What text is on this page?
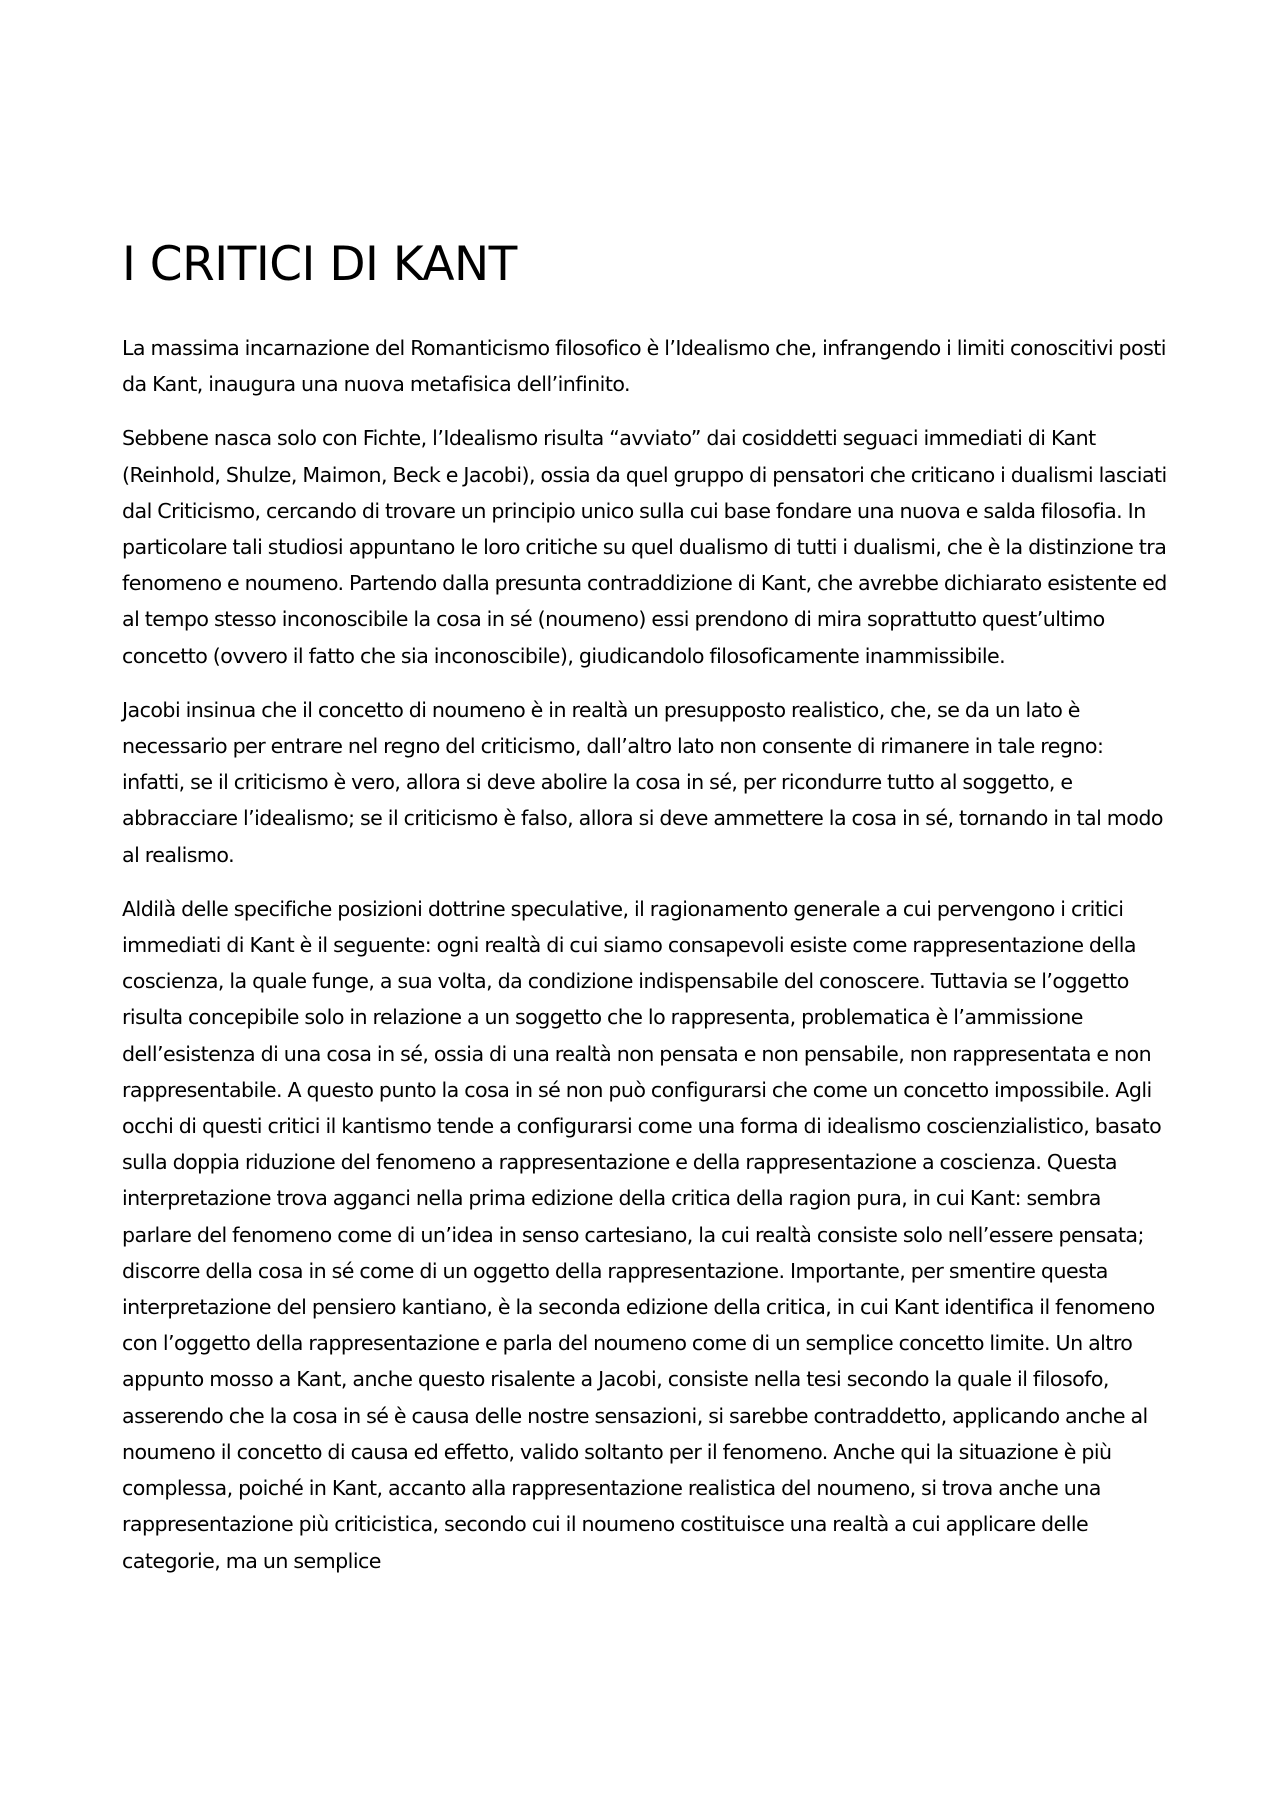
I CRITICI DI KANT

La massima incarnazione del Romanticismo filosofico è l’Idealismo che, infrangendo i limiti conoscitivi posti da Kant, inaugura una nuova metafisica dell’infinito.

Sebbene nasca solo con Fichte, l’Idealismo risulta “avviato” dai cosiddetti seguaci immediati di Kant (Reinhold, Shulze, Maimon, Beck e Jacobi), ossia da quel gruppo di pensatori che criticano i dualismi lasciati dal Criticismo, cercando di trovare un principio unico sulla cui base fondare una nuova e salda filosofia. In particolare tali studiosi appuntano le loro critiche su quel dualismo di tutti i dualismi, che è la distinzione tra fenomeno e noumeno. Partendo dalla presunta contraddizione di Kant, che avrebbe dichiarato esistente ed al tempo stesso inconoscibile la cosa in sé (noumeno) essi prendono di mira soprattutto quest’ultimo concetto (ovvero il fatto che sia inconoscibile), giudicandolo filosoficamente inammissibile.

Jacobi insinua che il concetto di noumeno è in realtà un presupposto realistico, che, se da un lato è necessario per entrare nel regno del criticismo, dall’altro lato non consente di rimanere in tale regno: infatti, se il criticismo è vero, allora si deve abolire la cosa in sé, per ricondurre tutto al soggetto, e abbracciare l’idealismo; se il criticismo è falso, allora si deve ammettere la cosa in sé, tornando in tal modo al realismo.

Aldilà delle specifiche posizioni dottrine speculative, il ragionamento generale a cui pervengono i critici immediati di Kant è il seguente: ogni realtà di cui siamo consapevoli esiste come rappresentazione della coscienza, la quale funge, a sua volta, da condizione indispensabile del conoscere. Tuttavia se l’oggetto risulta concepibile solo in relazione a un soggetto che lo rappresenta, problematica è l’ammissione dell’esistenza di una cosa in sé, ossia di una realtà non pensata e non pensabile, non rappresentata e non rappresentabile. A questo punto la cosa in sé non può configurarsi che come un concetto impossibile. Agli occhi di questi critici il kantismo tende a configurarsi come una forma di idealismo coscienzialistico, basato sulla doppia riduzione del fenomeno a rappresentazione e della rappresentazione a coscienza. Questa interpretazione trova agganci nella prima edizione della critica della ragion pura, in cui Kant: sembra parlare del fenomeno come di un’idea in senso cartesiano, la cui realtà consiste solo nell’essere pensata; discorre della cosa in sé come di un oggetto della rappresentazione. Importante, per smentire questa interpretazione del pensiero kantiano, è la seconda edizione della critica, in cui Kant identifica il fenomeno con l’oggetto della rappresentazione e parla del noumeno come di un semplice concetto limite. Un altro appunto mosso a Kant, anche questo risalente a Jacobi, consiste nella tesi secondo la quale il filosofo, asserendo che la cosa in sé è causa delle nostre sensazioni, si sarebbe contraddetto, applicando anche al noumeno il concetto di causa ed effetto, valido soltanto per il fenomeno. Anche qui la situazione è più complessa, poiché in Kant, accanto alla rappresentazione realistica del noumeno, si trova anche una rappresentazione più criticistica, secondo cui il noumeno costituisce una realtà a cui applicare delle categorie, ma un semplice
